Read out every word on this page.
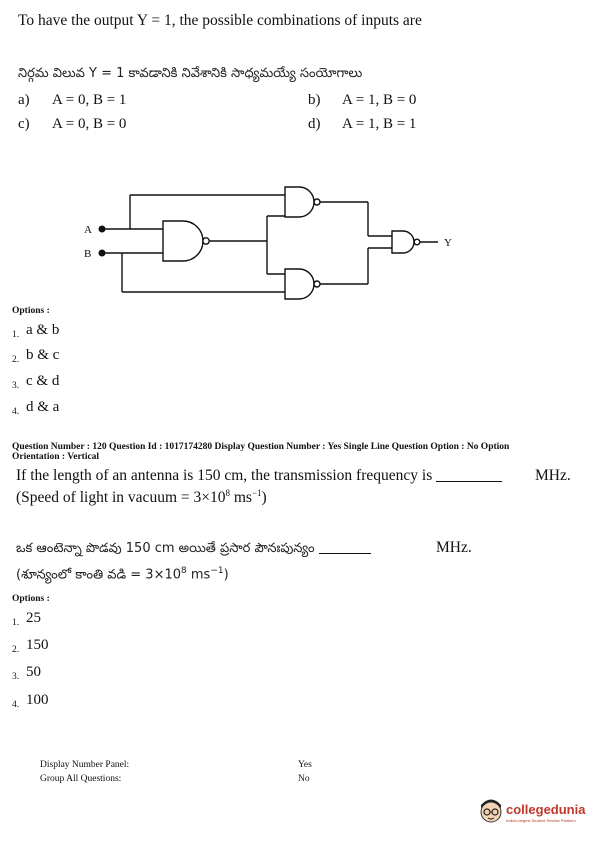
To have the output Y = 1, the possible combinations of inputs are
నిర్గమ విలువ Y = 1 కావడానికి నివేశానికి సాధ్యమయ్యే సంయోగాలు
a) A = 0, B = 1	b) A = 1, B = 0
c) A = 0, B = 0	d) A = 1, B = 1
A
B
Y
Options :
1. a & b
2. b & c
3. c & d
4. d & a
Question Number : 120 Question Id : 1017174280 Display Question Number : Yes Single Line Question Option : No Option
Orientation : Vertical
If the length of an antenna is 150 cm, the transmission frequency is	MHz.
(Speed of light in vacuum = $3\times 10^8$ $ms^{-1}$)
ఒక ఆంటెన్నా పొడవు 150 cm అయితే ప్రసార పౌనఃపున్యం	MHz.
(శూన్యంలో కాంతి వడి = $3\times 10^8$ $ms^{-1}$)
Options :
1. 25
2. 150
3. 50
4. 100
Display Number Panel:	Yes
Group All Questions:	No
collegedunia
India's largest Student Review Platform
